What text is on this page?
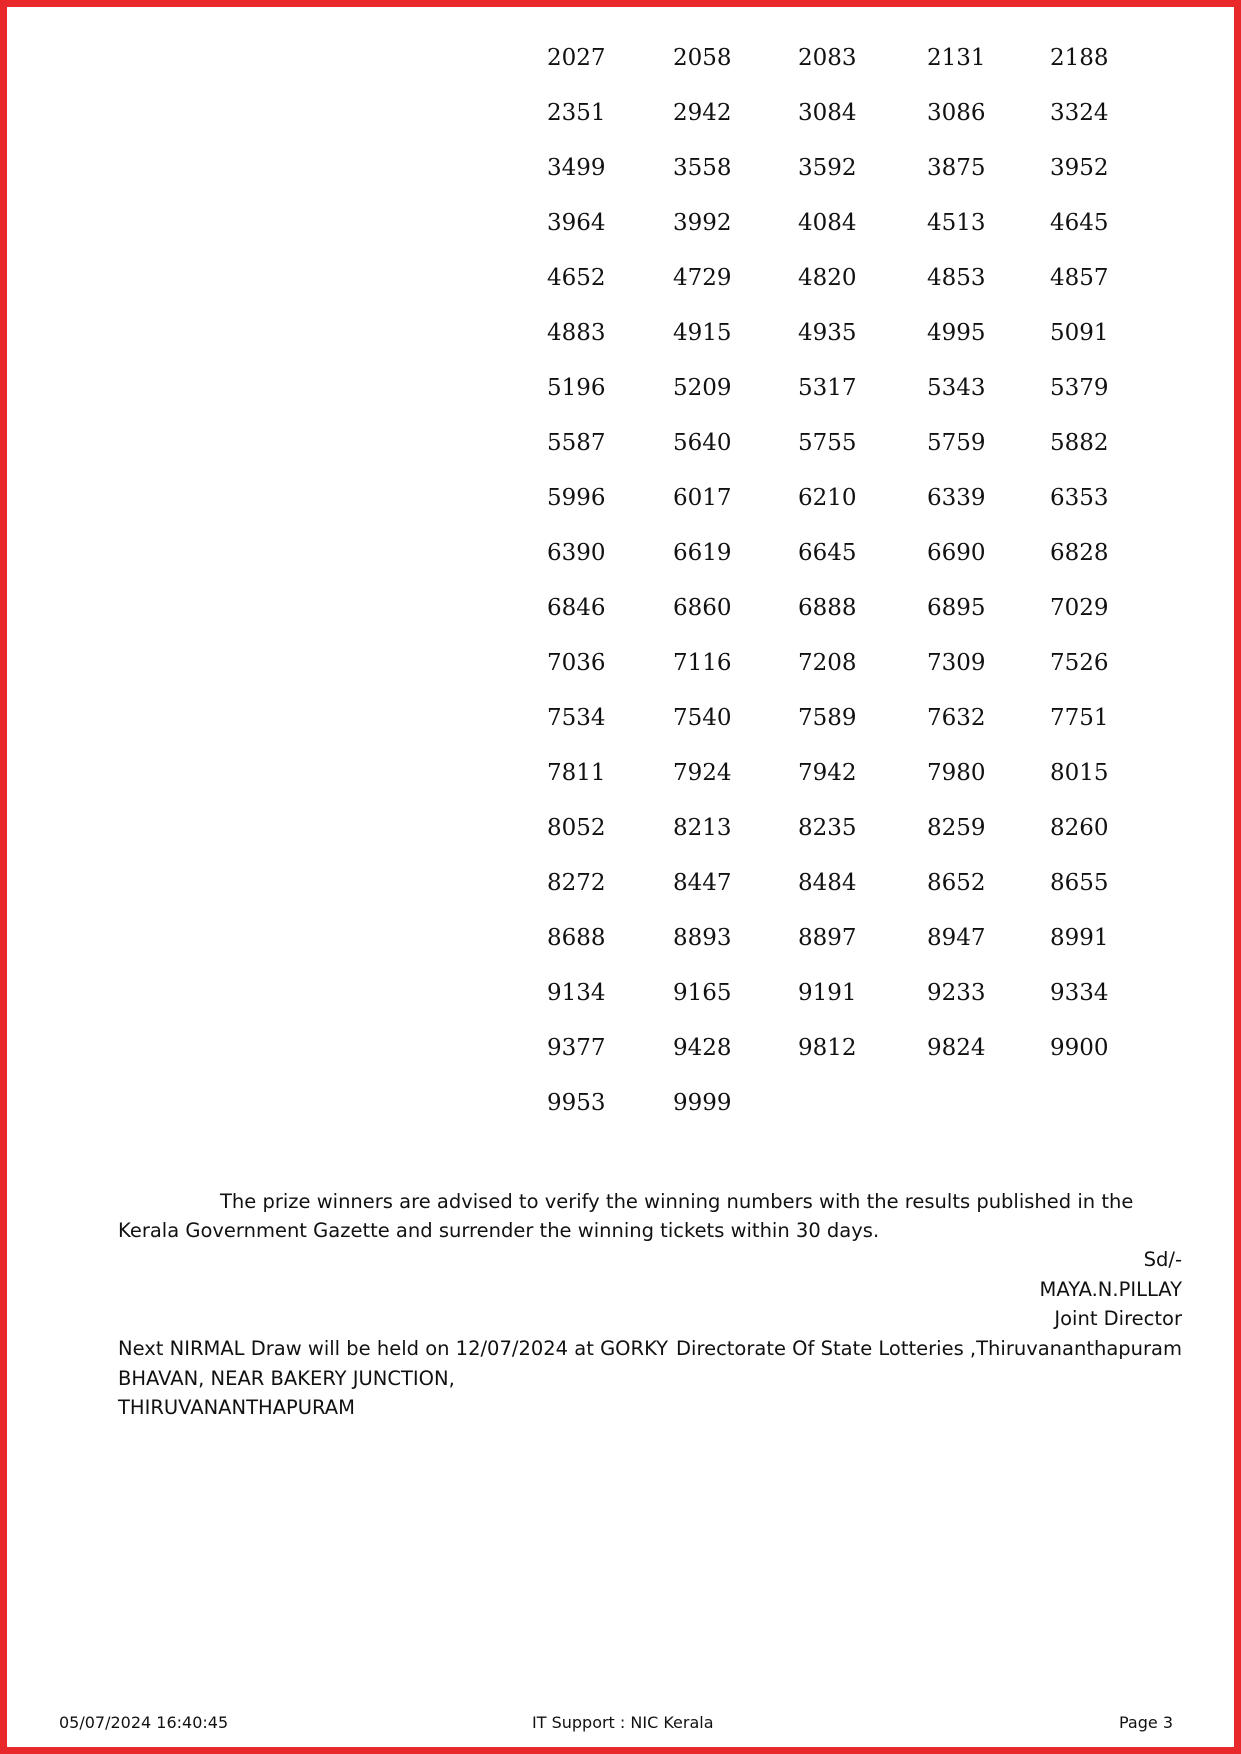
2027	2058	2083	2131	2188
2351	2942	3084	3086	3324
3499	3558	3592	3875	3952
3964	3992	4084	4513	4645
4652	4729	4820	4853	4857
4883	4915	4935	4995	5091
5196	5209	5317	5343	5379
5587	5640	5755	5759	5882
5996	6017	6210	6339	6353
6390	6619	6645	6690	6828
6846	6860	6888	6895	7029
7036	7116	7208	7309	7526
7534	7540	7589	7632	7751
7811	7924	7942	7980	8015
8052	8213	8235	8259	8260
8272	8447	8484	8652	8655
8688	8893	8897	8947	8991
9134	9165	9191	9233	9334
9377	9428	9812	9824	9900
9953	9999
The prize winners are advised to verify the winning numbers with the results published in the Kerala Government Gazette and surrender the winning tickets within 30 days.
Sd/-
MAYA.N.PILLAY
Joint Director
Directorate Of State Lotteries ,Thiruvananthapuram
Next NIRMAL Draw will be held on 12/07/2024 at GORKY BHAVAN, NEAR BAKERY JUNCTION, THIRUVANANTHAPURAM
05/07/2024 16:40:45	IT Support : NIC Kerala	Page 3
